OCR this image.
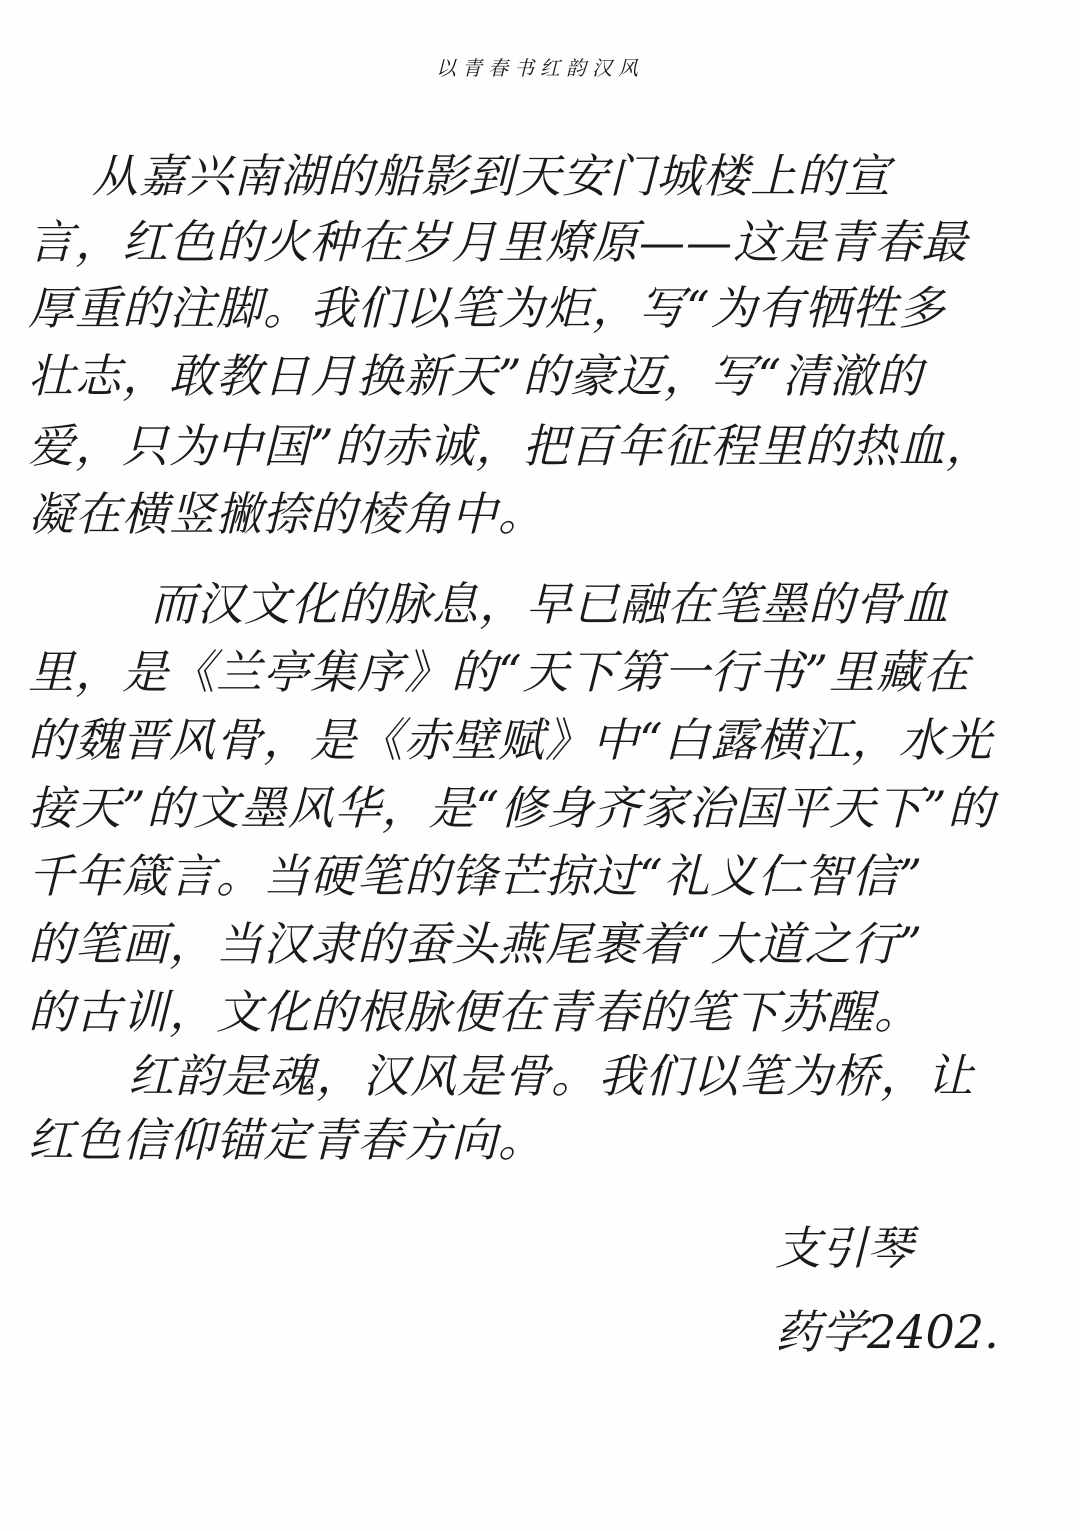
以青春书红韵汉风
从嘉兴南湖的船影到天安门城楼上的宣
言，红色的火种在岁月里燎原——这是青春最
厚重的注脚。我们以笔为炬，写“为有牺牲多
壮志，敢教日月换新天”的豪迈，写“清澈的
爱，只为中国”的赤诚，把百年征程里的热血，
凝在横竖撇捺的棱角中。
而汉文化的脉息，早已融在笔墨的骨血
里，是《兰亭集序》的“天下第一行书”里藏在
的魏晋风骨，是《赤壁赋》中“白露横江，水光
接天”的文墨风华，是“修身齐家治国平天下”的
千年箴言。当硬笔的锋芒掠过“礼义仁智信”
的笔画，当汉隶的蚕头燕尾裹着“大道之行”
的古训，文化的根脉便在青春的笔下苏醒。
红韵是魂，汉风是骨。我们以笔为桥，让
红色信仰锚定青春方向。
支引琴
药学2402.
